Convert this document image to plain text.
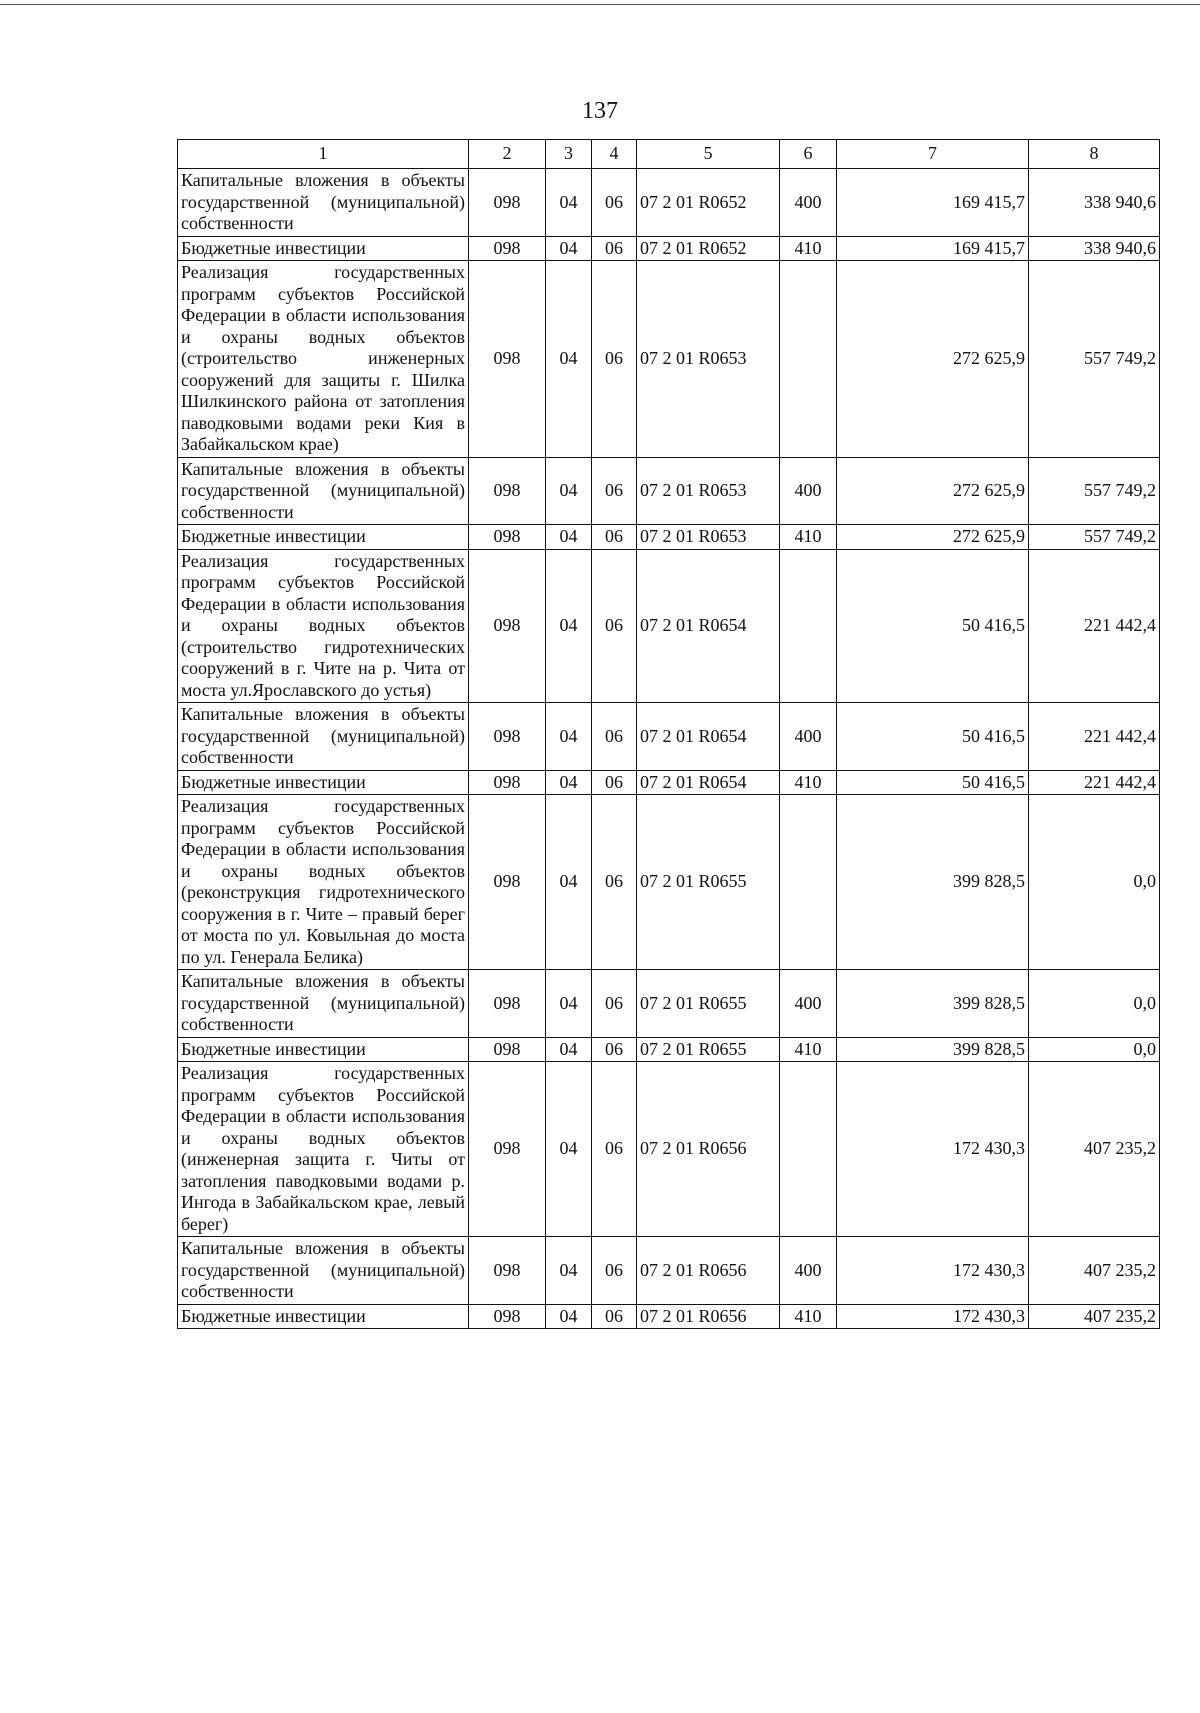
137
1	2	3	4	5	6	7	8
Капитальные вложения в объекты государственной (муниципальной) собственности	098	04	06	07 2 01 R0652	400	169 415,7	338 940,6
Бюджетные инвестиции	098	04	06	07 2 01 R0652	410	169 415,7	338 940,6
Реализация государственных программ субъектов Российской Федерации в области использования и охраны водных объектов (строительство инженерных сооружений для защиты г. Шилка Шилкинского района от затопления паводковыми водами реки Кия в Забайкальском крае)	098	04	06	07 2 01 R0653		272 625,9	557 749,2
Капитальные вложения в объекты государственной (муниципальной) собственности	098	04	06	07 2 01 R0653	400	272 625,9	557 749,2
Бюджетные инвестиции	098	04	06	07 2 01 R0653	410	272 625,9	557 749,2
Реализация государственных программ субъектов Российской Федерации в области использования и охраны водных объектов (строительство гидротехнических сооружений в г. Чите на р. Чита от моста ул.Ярославского до устья)	098	04	06	07 2 01 R0654		50 416,5	221 442,4
Капитальные вложения в объекты государственной (муниципальной) собственности	098	04	06	07 2 01 R0654	400	50 416,5	221 442,4
Бюджетные инвестиции	098	04	06	07 2 01 R0654	410	50 416,5	221 442,4
Реализация государственных программ субъектов Российской Федерации в области использования и охраны водных объектов (реконструкция гидротехнического сооружения в г. Чите – правый берег от моста по ул. Ковыльная до моста по ул. Генерала Белика)	098	04	06	07 2 01 R0655		399 828,5	0,0
Капитальные вложения в объекты государственной (муниципальной) собственности	098	04	06	07 2 01 R0655	400	399 828,5	0,0
Бюджетные инвестиции	098	04	06	07 2 01 R0655	410	399 828,5	0,0
Реализация государственных программ субъектов Российской Федерации в области использования и охраны водных объектов (инженерная защита г. Читы от затопления паводковыми водами р. Ингода в Забайкальском крае, левый берег)	098	04	06	07 2 01 R0656		172 430,3	407 235,2
Капитальные вложения в объекты государственной (муниципальной) собственности	098	04	06	07 2 01 R0656	400	172 430,3	407 235,2
Бюджетные инвестиции	098	04	06	07 2 01 R0656	410	172 430,3	407 235,2
